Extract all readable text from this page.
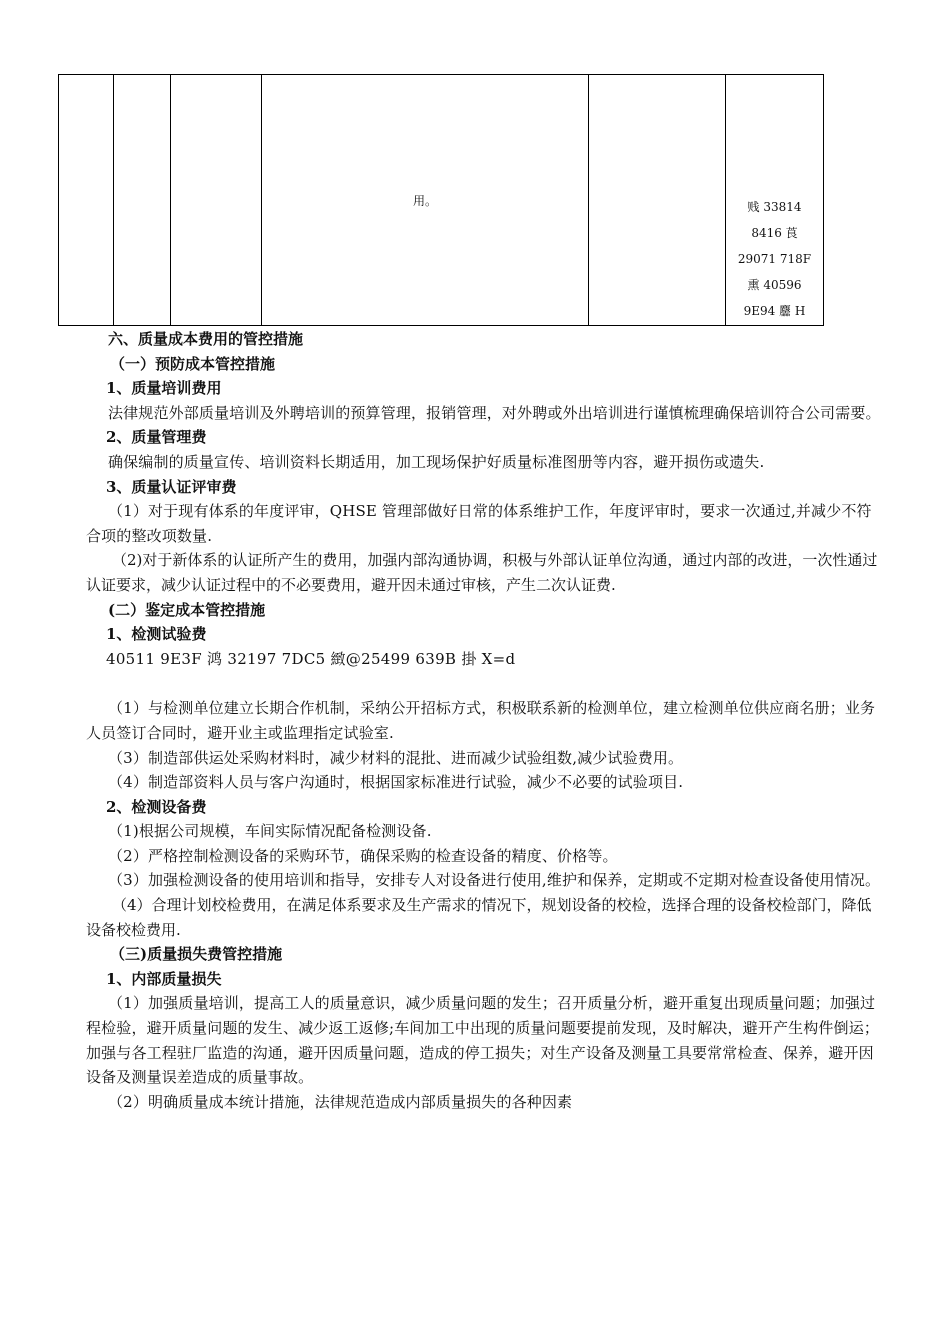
			用。		贱 33814
8416 莨
29071 718F
熏 40596
9E94 麢 H

六、质量成本费用的管控措施

（一）预防成本管控措施

1、质量培训费用

法律规范外部质量培训及外聘培训的预算管理，报销管理，对外聘或外出培训进行谨慎梳理确保培训符合公司需要。

2、质量管理费

确保编制的质量宣传、培训资料长期适用，加工现场保护好质量标准图册等内容，避开损伤或遗失.

3、质量认证评审费

（1）对于现有体系的年度评审，QHSE 管理部做好日常的体系维护工作，年度评审时，要求一次通过,并减少不符合项的整改项数量.

（2)对于新体系的认证所产生的费用，加强内部沟通协调，积极与外部认证单位沟通，通过内部的改进，一次性通过认证要求，减少认证过程中的不必要费用，避开因未通过审核，产生二次认证费.

(二）鉴定成本管控措施

1、检测试验费

40511 9E3F 鸿 32197 7DC5 緻@25499 639B 掛 X=d

（1）与检测单位建立长期合作机制，采纳公开招标方式，积极联系新的检测单位，建立检测单位供应商名册；业务人员签订合同时，避开业主或监理指定试验室.

（3）制造部供运处采购材料时，减少材料的混批、进而减少试验组数,减少试验费用。

（4）制造部资料人员与客户沟通时，根据国家标准进行试验，减少不必要的试验项目.

2、检测设备费

（1)根据公司规模，车间实际情况配备检测设备.

（2）严格控制检测设备的采购环节，确保采购的检查设备的精度、价格等。

（3）加强检测设备的使用培训和指导，安排专人对设备进行使用,维护和保养，定期或不定期对检查设备使用情况。

（4）合理计划校检费用，在满足体系要求及生产需求的情况下，规划设备的校检，选择合理的设备校检部门，降低设备校检费用.

（三)质量损失费管控措施

1、内部质量损失

（1）加强质量培训，提高工人的质量意识，减少质量问题的发生；召开质量分析，避开重复出现质量问题；加强过程检验，避开质量问题的发生、减少返工返修;车间加工中出现的质量问题要提前发现，及时解决，避开产生构件倒运；加强与各工程驻厂监造的沟通，避开因质量问题，造成的停工损失；对生产设备及测量工具要常常检查、保养，避开因设备及测量误差造成的质量事故。

（2）明确质量成本统计措施，法律规范造成内部质量损失的各种因素
